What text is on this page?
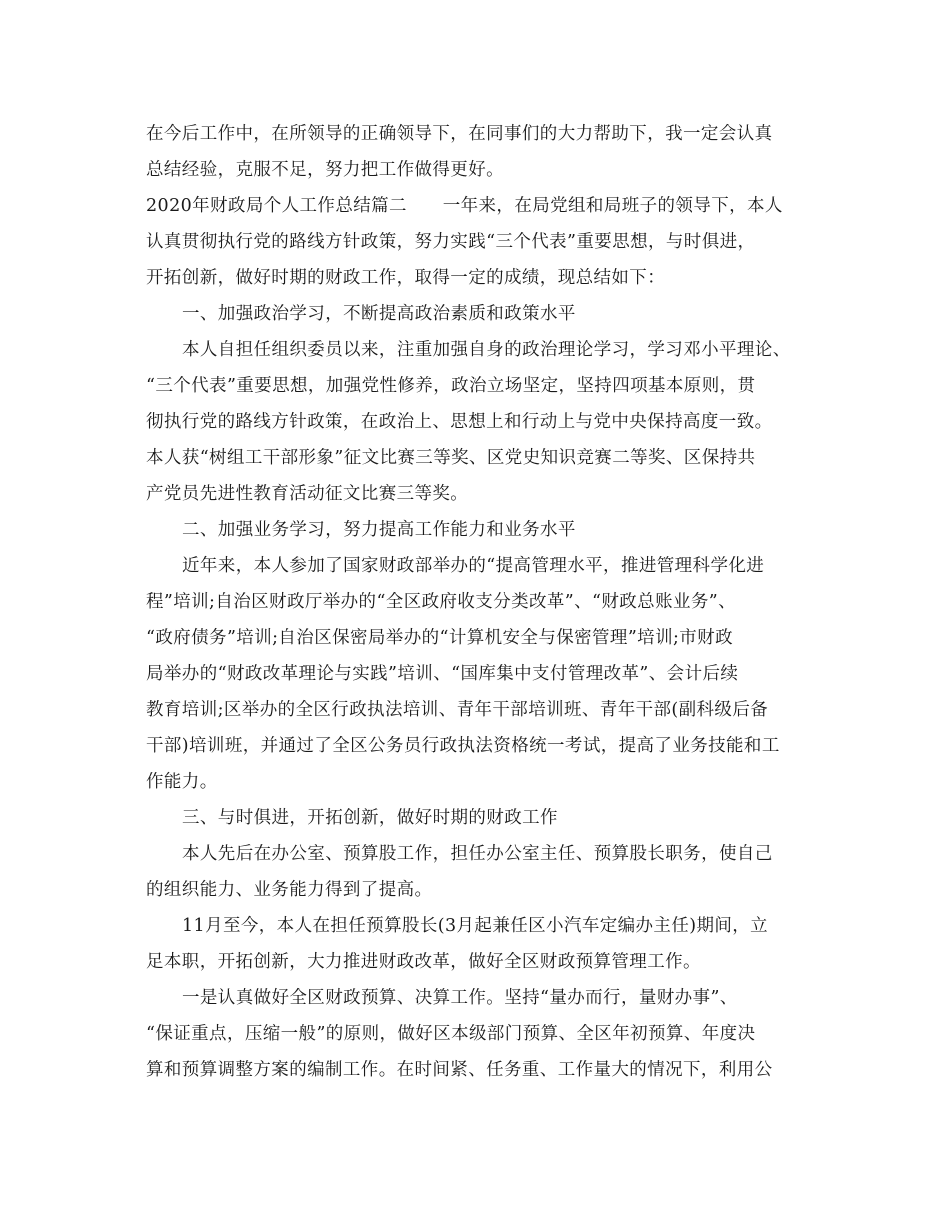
在今后工作中，在所领导的正确领导下，在同事们的大力帮助下，我一定会认真
总结经验，克服不足，努力把工作做得更好。
2020年财政局个人工作总结篇二　　一年来，在局党组和局班子的领导下，本人
认真贯彻执行党的路线方针政策，努力实践“三个代表”重要思想，与时俱进，
开拓创新，做好时期的财政工作，取得一定的成绩，现总结如下：
一、加强政治学习，不断提高政治素质和政策水平
本人自担任组织委员以来，注重加强自身的政治理论学习，学习邓小平理论、
“三个代表”重要思想，加强党性修养，政治立场坚定，坚持四项基本原则，贯
彻执行党的路线方针政策，在政治上、思想上和行动上与党中央保持高度一致。
本人获“树组工干部形象”征文比赛三等奖、区党史知识竞赛二等奖、区保持共
产党员先进性教育活动征文比赛三等奖。
二、加强业务学习，努力提高工作能力和业务水平
近年来，本人参加了国家财政部举办的“提高管理水平，推进管理科学化进
程”培训;自治区财政厅举办的“全区政府收支分类改革”、“财政总账业务”、
“政府债务”培训;自治区保密局举办的“计算机安全与保密管理”培训;市财政
局举办的“财政改革理论与实践”培训、“国库集中支付管理改革”、会计后续
教育培训;区举办的全区行政执法培训、青年干部培训班、青年干部(副科级后备
干部)培训班，并通过了全区公务员行政执法资格统一考试，提高了业务技能和工
作能力。
三、与时俱进，开拓创新，做好时期的财政工作
本人先后在办公室、预算股工作，担任办公室主任、预算股长职务，使自己
的组织能力、业务能力得到了提高。
11月至今，本人在担任预算股长(3月起兼任区小汽车定编办主任)期间，立
足本职，开拓创新，大力推进财政改革，做好全区财政预算管理工作。
一是认真做好全区财政预算、决算工作。坚持“量办而行，量财办事”、
“保证重点，压缩一般”的原则，做好区本级部门预算、全区年初预算、年度决
算和预算调整方案的编制工作。在时间紧、任务重、工作量大的情况下，利用公
